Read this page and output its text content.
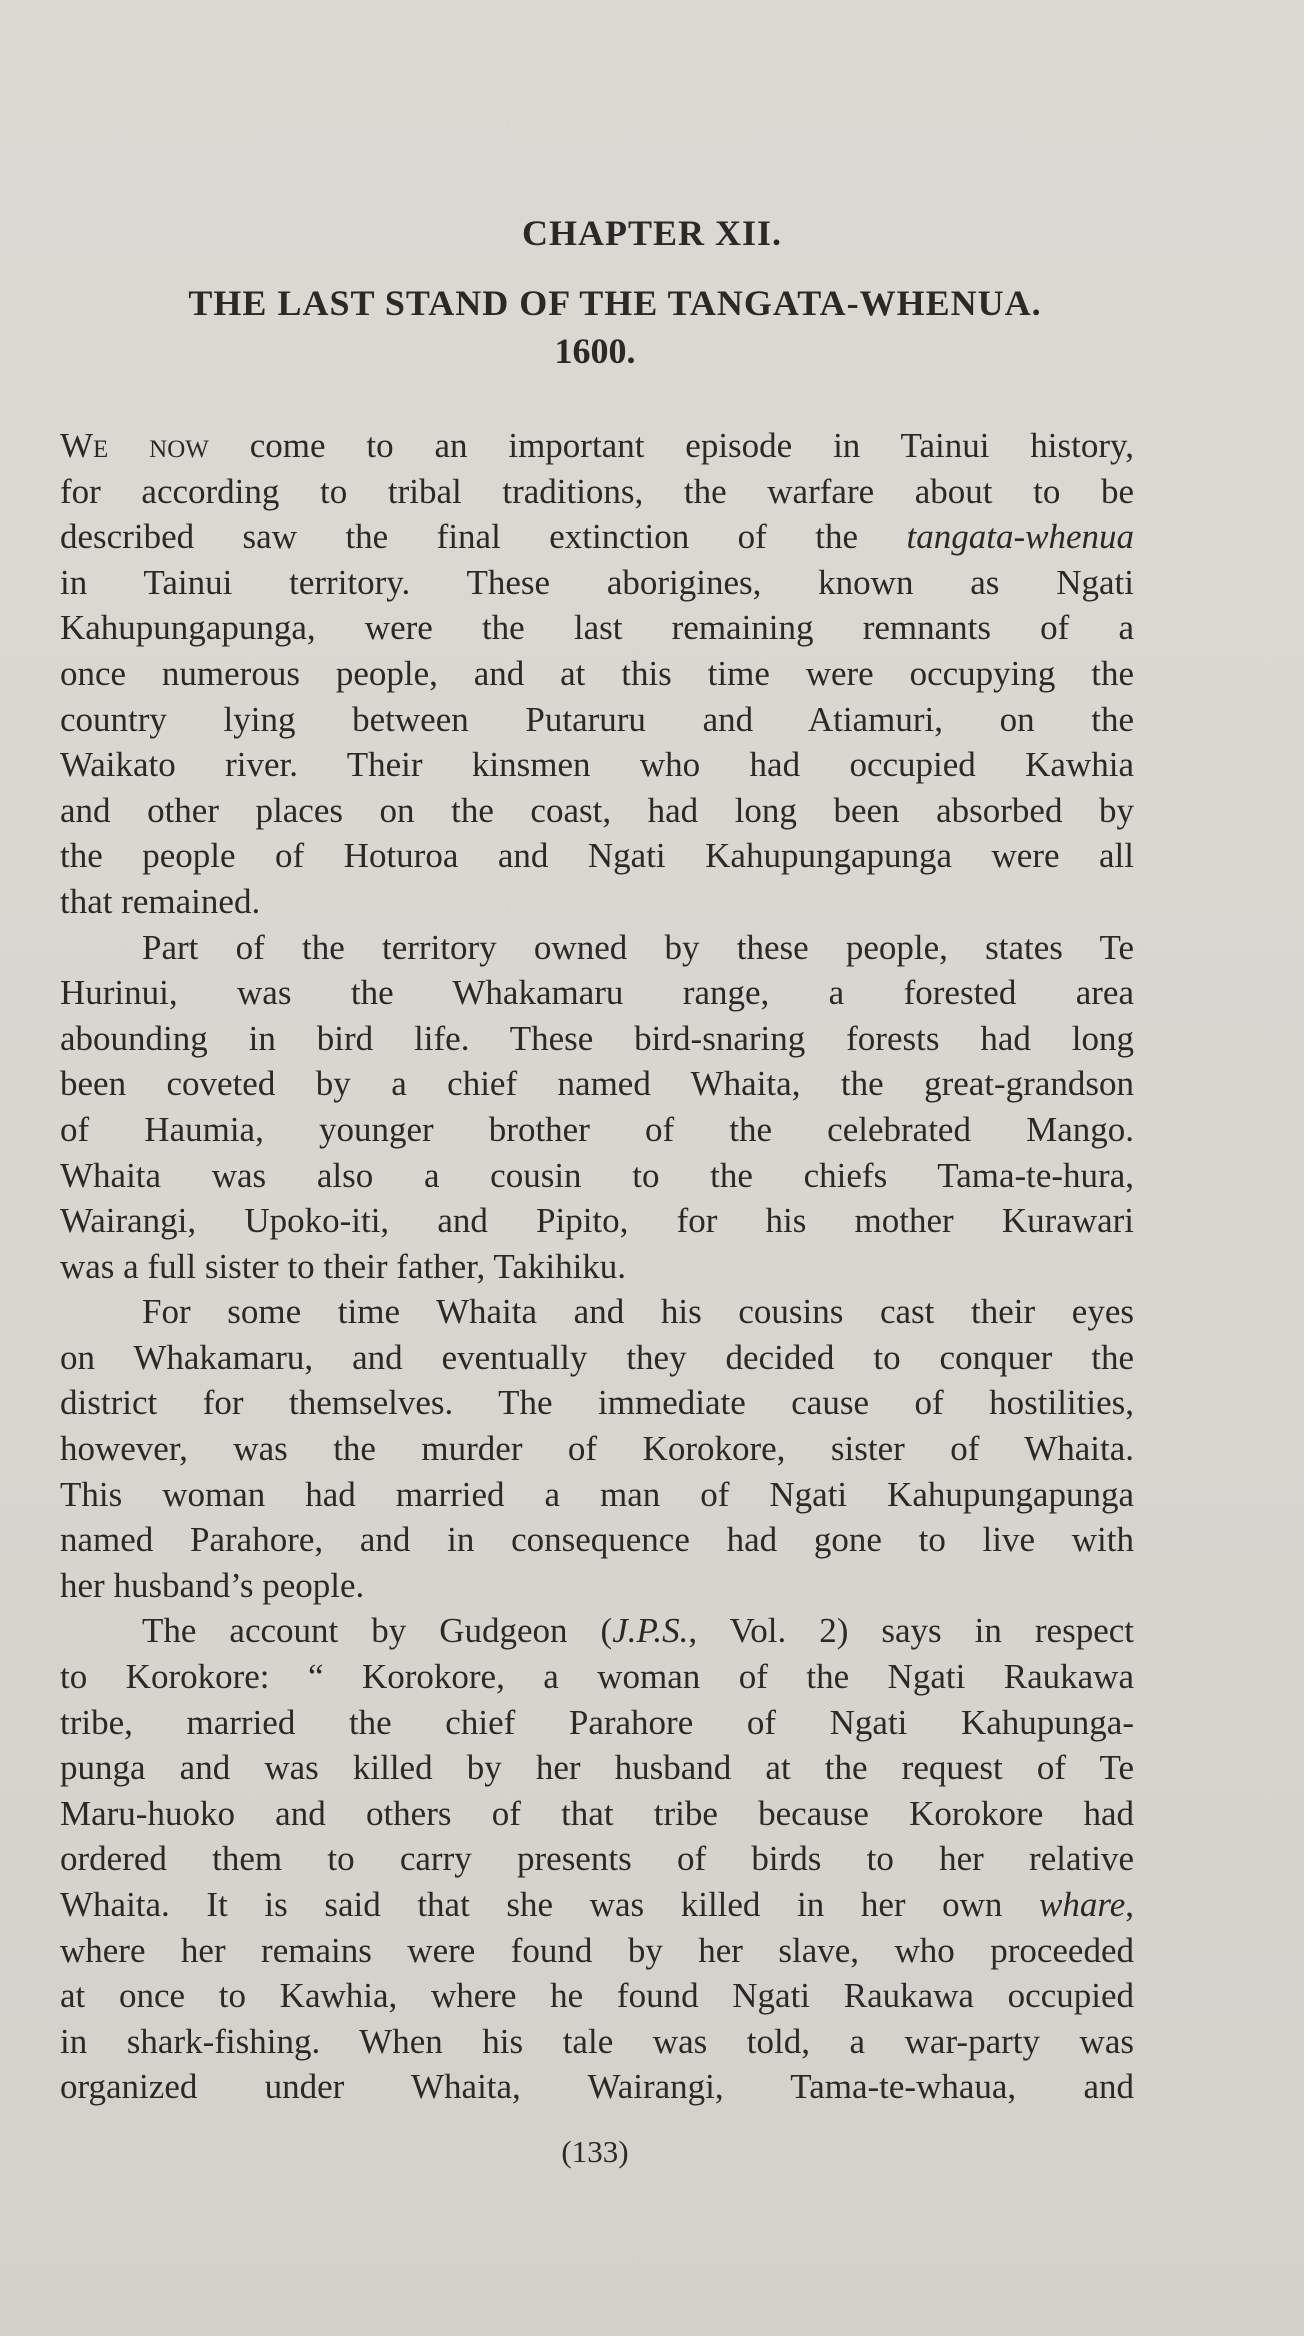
CHAPTER XII.
THE LAST STAND OF THE TANGATA-WHENUA.
1600.
We now come to an important episode in Tainui history,
for according to tribal traditions, the warfare about to be
described saw the final extinction of the tangata-whenua
in Tainui territory. These aborigines, known as Ngati
Kahupungapunga, were the last remaining remnants of a
once numerous people, and at this time were occupying the
country lying between Putaruru and Atiamuri, on the
Waikato river. Their kinsmen who had occupied Kawhia
and other places on the coast, had long been absorbed by
the people of Hoturoa and Ngati Kahupungapunga were all
that remained.
Part of the territory owned by these people, states Te
Hurinui, was the Whakamaru range, a forested area
abounding in bird life. These bird-snaring forests had long
been coveted by a chief named Whaita, the great-grandson
of Haumia, younger brother of the celebrated Mango.
Whaita was also a cousin to the chiefs Tama-te-hura,
Wairangi, Upoko-iti, and Pipito, for his mother Kurawari
was a full sister to their father, Takihiku.
For some time Whaita and his cousins cast their eyes
on Whakamaru, and eventually they decided to conquer the
district for themselves. The immediate cause of hostilities,
however, was the murder of Korokore, sister of Whaita.
This woman had married a man of Ngati Kahupungapunga
named Parahore, and in consequence had gone to live with
her husband’s people.
The account by Gudgeon (J.P.S., Vol. 2) says in respect
to Korokore: “ Korokore, a woman of the Ngati Raukawa
tribe, married the chief Parahore of Ngati Kahupunga-
punga and was killed by her husband at the request of Te
Maru-huoko and others of that tribe because Korokore had
ordered them to carry presents of birds to her relative
Whaita. It is said that she was killed in her own whare,
where her remains were found by her slave, who proceeded
at once to Kawhia, where he found Ngati Raukawa occupied
in shark-fishing. When his tale was told, a war-party was
organized under Whaita, Wairangi, Tama-te-whaua, and
(133)
